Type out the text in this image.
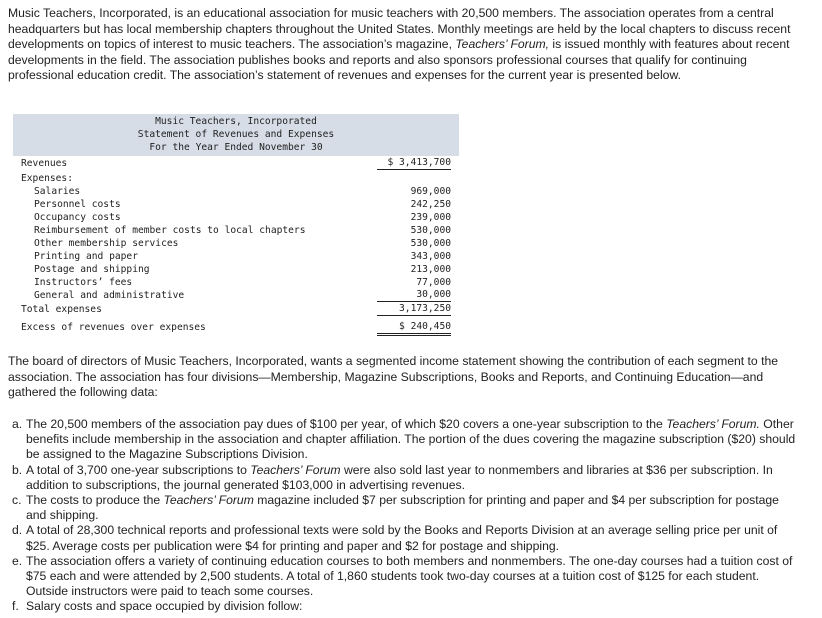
Music Teachers, Incorporated, is an educational association for music teachers with 20,500 members. The association operates from a central headquarters but has local membership chapters throughout the United States. Monthly meetings are held by the local chapters to discuss recent developments on topics of interest to music teachers. The association’s magazine, Teachers’ Forum, is issued monthly with features about recent developments in the field. The association publishes books and reports and also sponsors professional courses that qualify for continuing professional education credit. The association’s statement of revenues and expenses for the current year is presented below.

Music Teachers, Incorporated
Statement of Revenues and Expenses
For the Year Ended November 30
Revenues	$ 3,413,700
Expenses:
Salaries	969,000
Personnel costs	242,250
Occupancy costs	239,000
Reimbursement of member costs to local chapters	530,000
Other membership services	530,000
Printing and paper	343,000
Postage and shipping	213,000
Instructors’ fees	77,000
General and administrative	30,000
Total expenses	3,173,250
Excess of revenues over expenses	$ 240,450

The board of directors of Music Teachers, Incorporated, wants a segmented income statement showing the contribution of each segment to the association. The association has four divisions—Membership, Magazine Subscriptions, Books and Reports, and Continuing Education—and gathered the following data:

a. The 20,500 members of the association pay dues of $100 per year, of which $20 covers a one-year subscription to the Teachers’ Forum. Other benefits include membership in the association and chapter affiliation. The portion of the dues covering the magazine subscription ($20) should be assigned to the Magazine Subscriptions Division.
b. A total of 3,700 one-year subscriptions to Teachers’ Forum were also sold last year to nonmembers and libraries at $36 per subscription. In addition to subscriptions, the journal generated $103,000 in advertising revenues.
c. The costs to produce the Teachers’ Forum magazine included $7 per subscription for printing and paper and $4 per subscription for postage and shipping.
d. A total of 28,300 technical reports and professional texts were sold by the Books and Reports Division at an average selling price per unit of $25. Average costs per publication were $4 for printing and paper and $2 for postage and shipping.
e. The association offers a variety of continuing education courses to both members and nonmembers. The one-day courses had a tuition cost of $75 each and were attended by 2,500 students. A total of 1,860 students took two-day courses at a tuition cost of $125 for each student. Outside instructors were paid to teach some courses.
f. Salary costs and space occupied by division follow:
